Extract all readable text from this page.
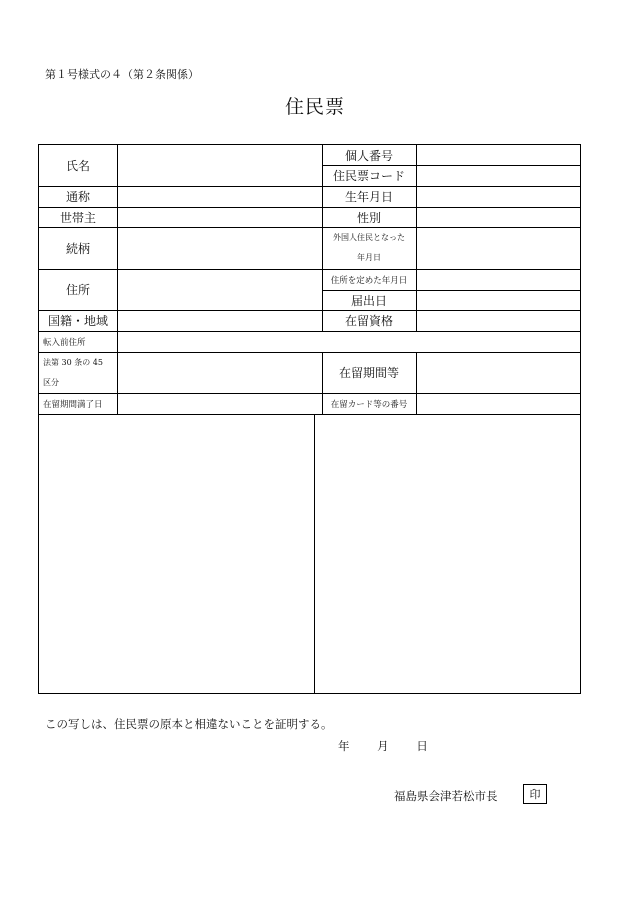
第１号様式の４（第２条関係）
住民票
氏名
通称
世帯主
続柄
住所
国籍・地域
転入前住所
法第 30 条の 45
区分
在留期間満了日
個人番号
住民票コード
生年月日
性別
外国人住民となった
年月日
住所を定めた年月日
届出日
在留資格
在留期間等
在留カード等の番号
この写しは、住民票の原本と相違ないことを証明する。
年 月 日
福島県会津若松市長	印
